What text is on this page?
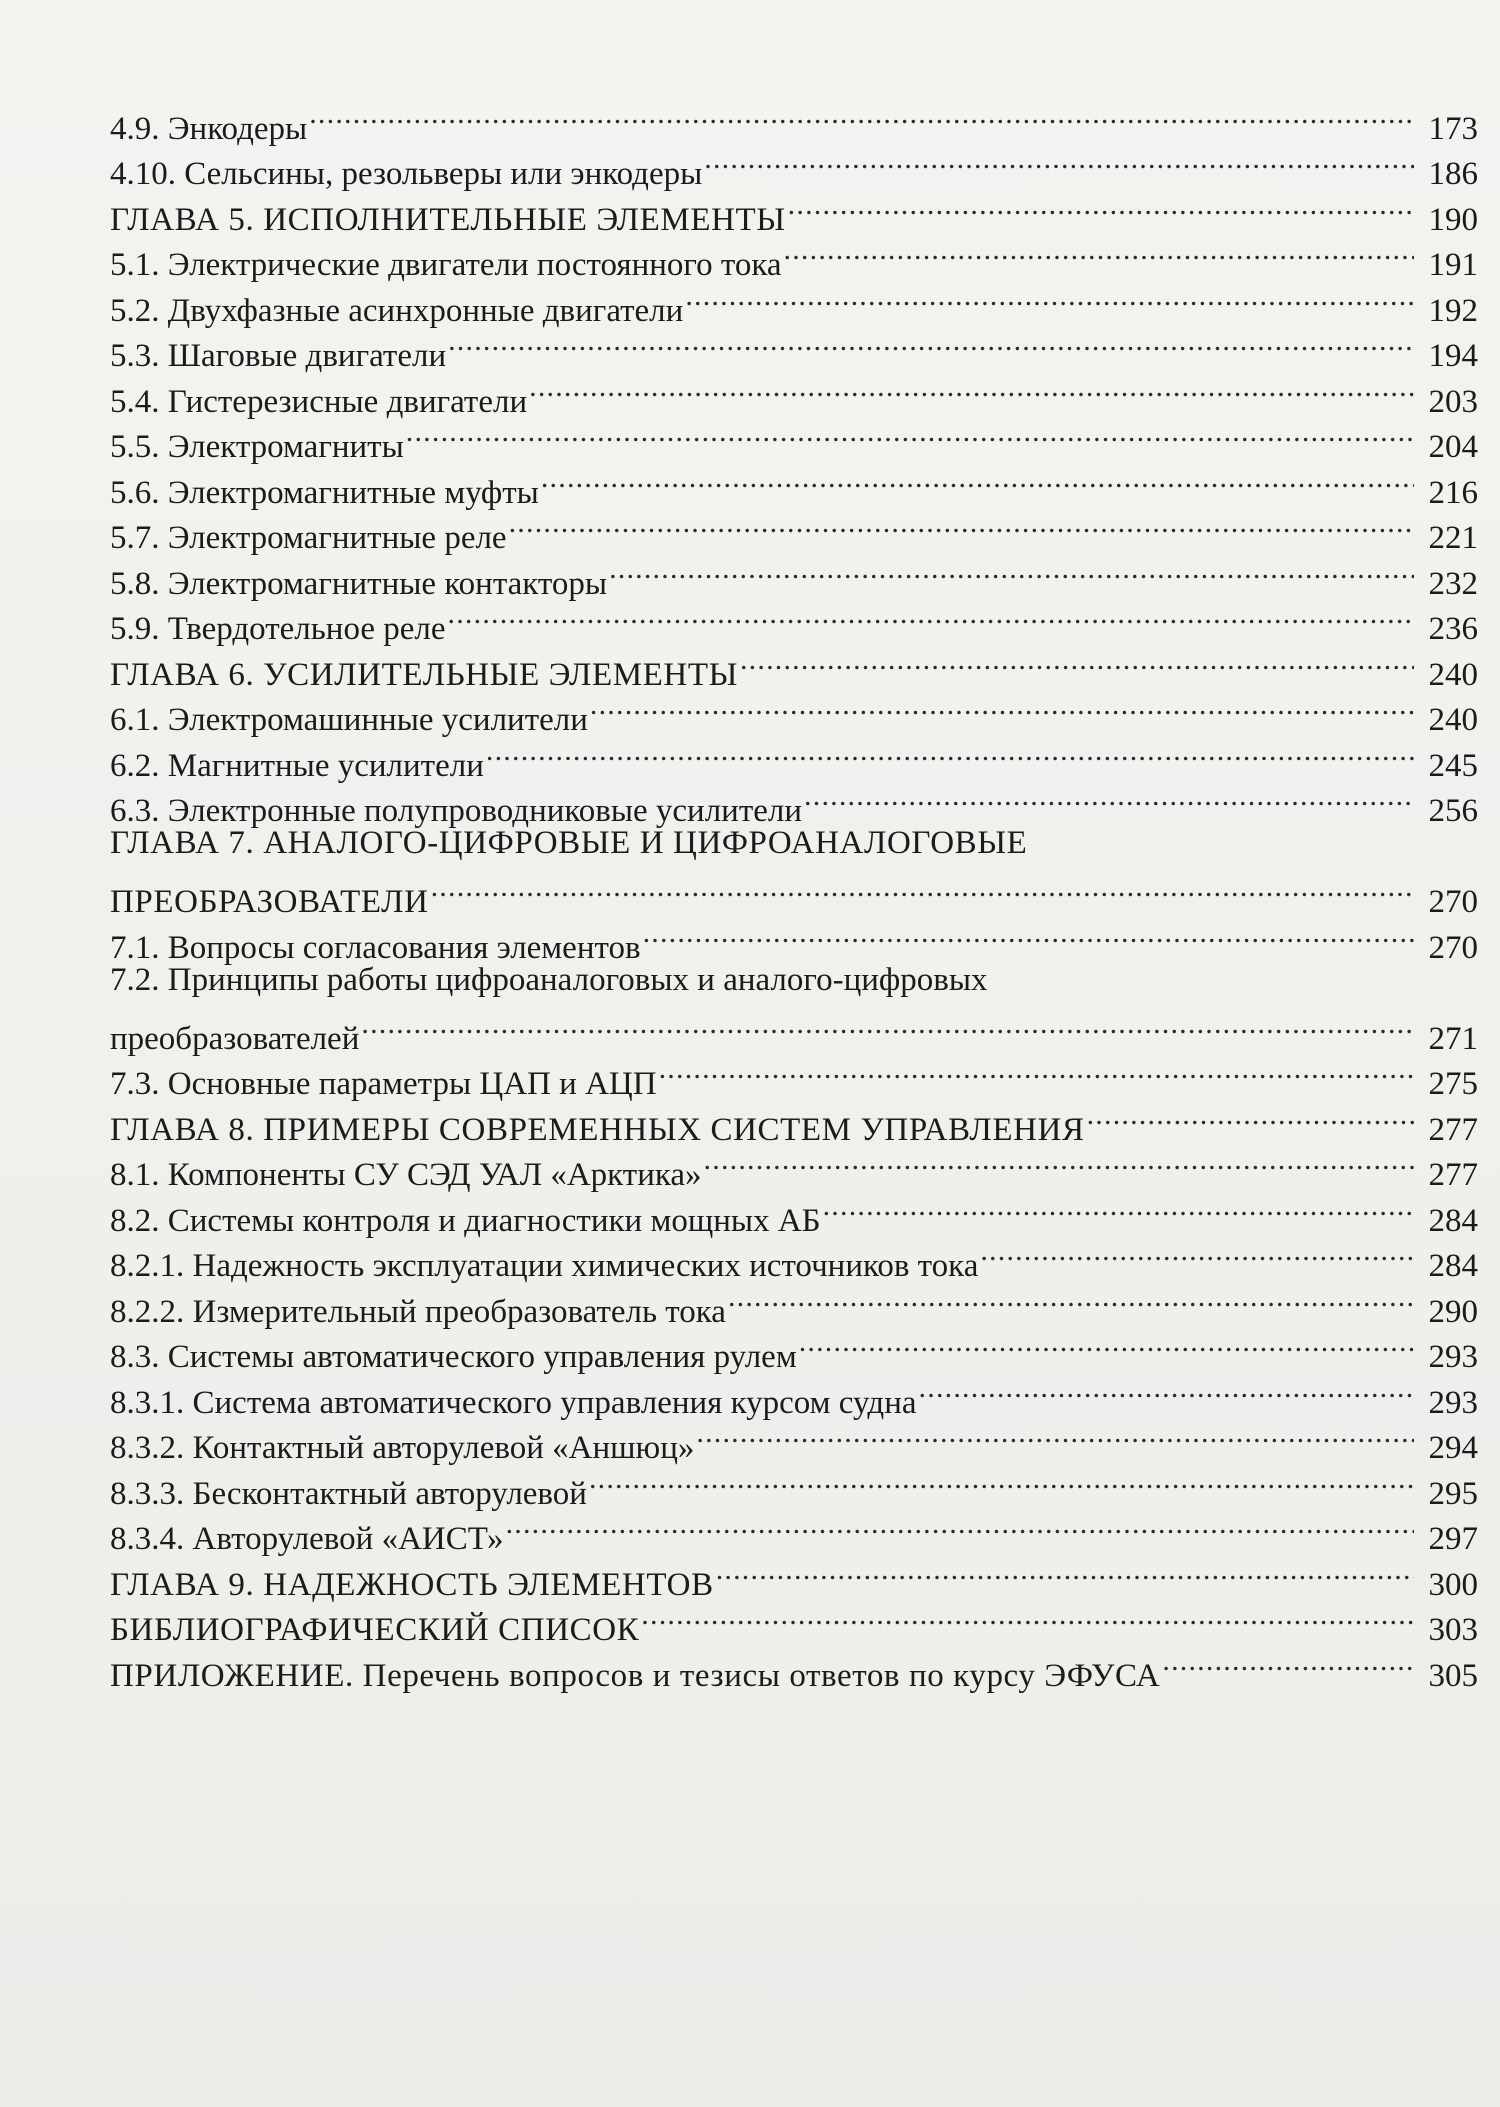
4.9. Энкодеры .....	173
4.10. Сельсины, резольверы или энкодеры .....	186
ГЛАВА 5. ИСПОЛНИТЕЛЬНЫЕ ЭЛЕМЕНТЫ .....	190
5.1. Электрические двигатели постоянного тока .....	191
5.2. Двухфазные асинхронные двигатели .....	192
5.3. Шаговые двигатели .....	194
5.4. Гистерезисные двигатели .....	203
5.5. Электромагниты .....	204
5.6. Электромагнитные муфты .....	216
5.7. Электромагнитные реле .....	221
5.8. Электромагнитные контакторы .....	232
5.9. Твердотельное реле .....	236
ГЛАВА 6. УСИЛИТЕЛЬНЫЕ ЭЛЕМЕНТЫ .....	240
6.1. Электромашинные усилители .....	240
6.2. Магнитные усилители .....	245
6.3. Электронные полупроводниковые усилители .....	256
ГЛАВА 7. АНАЛОГО-ЦИФРОВЫЕ И ЦИФРОАНАЛОГОВЫЕ
ПРЕОБРАЗОВАТЕЛИ .....	270
7.1. Вопросы согласования элементов .....	270
7.2. Принципы работы цифроаналоговых и аналого-цифровых
преобразователей .....	271
7.3. Основные параметры ЦАП и АЦП .....	275
ГЛАВА 8. ПРИМЕРЫ СОВРЕМЕННЫХ СИСТЕМ УПРАВЛЕНИЯ .....	277
8.1. Компоненты СУ СЭД УАЛ «Арктика» .....	277
8.2. Системы контроля и диагностики мощных АБ .....	284
8.2.1. Надежность эксплуатации химических источников тока .....	284
8.2.2. Измерительный преобразователь тока .....	290
8.3. Системы автоматического управления рулем .....	293
8.3.1. Система автоматического управления курсом судна .....	293
8.3.2. Контактный авторулевой «Аншюц» .....	294
8.3.3. Бесконтактный авторулевой .....	295
8.3.4. Авторулевой «АИСТ» .....	297
ГЛАВА 9. НАДЕЖНОСТЬ ЭЛЕМЕНТОВ .....	300
БИБЛИОГРАФИЧЕСКИЙ СПИСОК .....	303
ПРИЛОЖЕНИЕ. Перечень вопросов и тезисы ответов по курсу ЭФУСА .....	305
